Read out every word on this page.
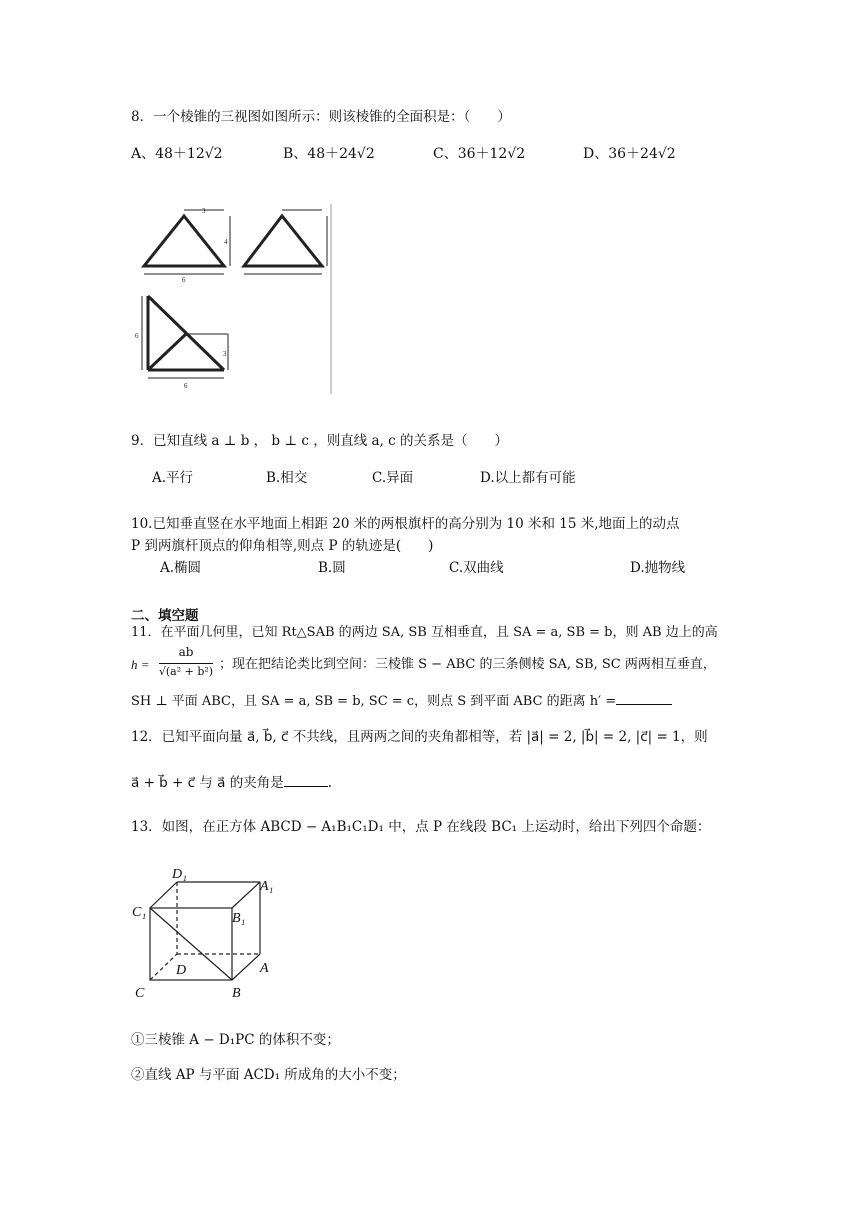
8．一个棱锥的三视图如图所示：则该棱锥的全面积是：（　　）
A、48＋12√2	B、48＋24√2	C、36＋12√2	D、36＋24√2
3
4
6
6
3
6
9．已知直线 a ⊥ b ， b ⊥ c ，则直线 a, c 的关系是（　　）
A.平行	B.相交	C.异面	D.以上都有可能
10.已知垂直竖在水平地面上相距 20 米的两根旗杆的高分别为 10 米和 15 米,地面上的动点
P 到两旗杆顶点的仰角相等,则点 P 的轨迹是(　　)
A.椭圆	B.圆	C.双曲线	D.抛物线
二、填空题
11．在平面几何里，已知 Rt△SAB 的两边 SA, SB 互相垂直，且 SA = a, SB = b，则 AB 边上的高
h =
ab
√(a² + b²) ；现在把结论类比到空间：三棱锥 S − ABC 的三条侧棱 SA, SB, SC 两两相互垂直，
SH ⊥ 平面 ABC，且 SA = a, SB = b, SC = c，则点 S 到平面 ABC 的距离 h′ =
12．已知平面向量 a⃗, b⃗, c⃗ 不共线，且两两之间的夹角都相等，若 |a⃗| = 2, |b⃗| = 2, |c⃗| = 1，则
a⃗ + b⃗ + c⃗ 与 a⃗ 的夹角是	.
13．如图，在正方体 ABCD − A₁B₁C₁D₁ 中，点 P 在线段 BC₁ 上运动时，给出下列四个命题：
D₁
A₁
C₁	B₁
D	A
C	B
①三棱锥 A − D₁PC 的体积不变；
②直线 AP 与平面 ACD₁ 所成角的大小不变；
